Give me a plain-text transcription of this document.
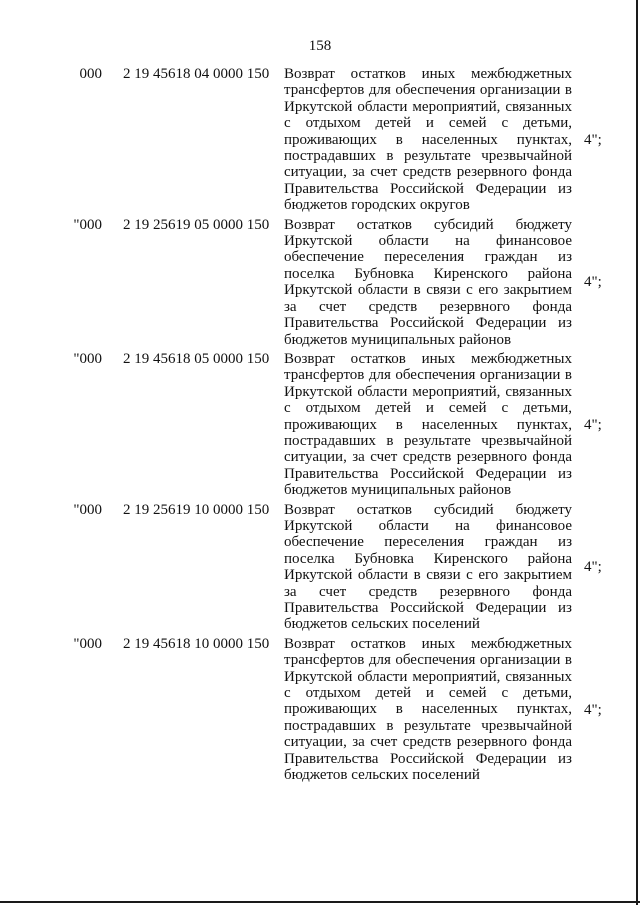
158
000 2 19 45618 04 0000 150 Возврат остатков иных межбюджетных трансфертов для обеспечения организации в Иркутской области мероприятий, связанных с отдыхом детей и семей с детьми, проживающих в населенных пунктах, пострадавших в результате чрезвычайной ситуации, за счет средств резервного фонда Правительства Российской Федерации из бюджетов городских округов
4";
"000 2 19 25619 05 0000 150 Возврат остатков субсидий бюджету Иркутской области на финансовое обеспечение переселения граждан из поселка Бубновка Киренского района Иркутской области в связи с его закрытием за счет средств резервного фонда Правительства Российской Федерации из бюджетов муниципальных районов
4";
"000 2 19 45618 05 0000 150 Возврат остатков иных межбюджетных трансфертов для обеспечения организации в Иркутской области мероприятий, связанных с отдыхом детей и семей с детьми, проживающих в населенных пунктах, пострадавших в результате чрезвычайной ситуации, за счет средств резервного фонда Правительства Российской Федерации из бюджетов муниципальных районов
4";
"000 2 19 25619 10 0000 150 Возврат остатков субсидий бюджету Иркутской области на финансовое обеспечение переселения граждан из поселка Бубновка Киренского района Иркутской области в связи с его закрытием за счет средств резервного фонда Правительства Российской Федерации из бюджетов сельских поселений
4";
"000 2 19 45618 10 0000 150 Возврат остатков иных межбюджетных трансфертов для обеспечения организации в Иркутской области мероприятий, связанных с отдыхом детей и семей с детьми, проживающих в населенных пунктах, пострадавших в результате чрезвычайной ситуации, за счет средств резервного фонда Правительства Российской Федерации из бюджетов сельских поселений
4";
